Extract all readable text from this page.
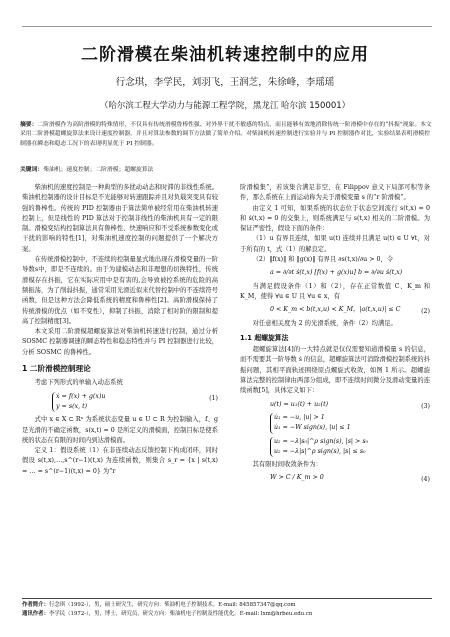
二阶滑模在柴油机转速控制中的应用
行念琪，李学民，刘羽飞，王润芝，朱徐峰，李瑶瑶
（哈尔滨工程大学动力与能源工程学院，黑龙江 哈尔滨 150001）
摘要：二阶滑模作为高阶滑模的特殊情形，不仅具有传统滑模鲁棒性强、对外界干扰不敏感的特点，而且能够有效地消除传统一阶滑模中存在的“抖振”现象。本文采用二阶滑模超螺旋算法来设计速度控制器，并且对算法参数的调节方法做了简单介绍。对柴油机转速控制进行实验并与 PI 控制器作对比，实验结果表明滑模控制器在瞬态和稳态工况下的表现明显优于 PI 控制器。
关键词：柴油机；速度控制；二阶滑模；超螺旋算法

柴油机的速度控制是一种典型的多扰动动态和时滞的非线性系统。柴油机控制器的设计目标是不光能够对转速跟踪并且对负载突变具有较强的鲁棒性。传统的 PID 控制器由于算法简单被经常用在柴油机转速控制上，但是线性的 PID 算法对于控制非线性的柴油机具有一定的限制。滑模变结构控制算法具有鲁棒性、快速响应和不受系统参数变化或干扰的影响的特性[1]，对柴油机速度控制的问题提供了一个解决方案。

在传统滑模控制中，不连续的控制量显式地出现在滑模变量的一阶导数s中，即是不连续的。由于为建模动态和非理想的切换特性，传统滑模存在抖振，它在实际应用中是有害的,会导致被控系统的危险的高频振荡，为了削弱抖振，通常采用光滑近似来代替控制中的不连续符号函数，但是这种方法会降低系统的精度和鲁棒性[2]。高阶滑模保持了传统滑模的优点（如不变性），抑制了抖振，消除了相对阶的限制和提高了控制精度[3]。

本文采用二阶滑模超螺旋算法对柴油机转速进行控制，通过分析 SOSMC 控制器调速的瞬态特性和稳态特性并与 PI 控制器进行比较，分析 SOSMC 的鲁棒性。

1 二阶滑模控制理论

考虑下列形式的单输入动态系统

ẋ = f(x) + g(x)u
y = s(x, t)
(1)

式中 x ∈ X ⊂ Rⁿ 为系统状态变量 u ∈ U ⊂ R 为控制输入，f、g 是光滑的不确定函数，s(x,t) = 0 是所定义的滑模面，控制目标是使系统的状态在有限的时间内到达滑模面。

定义 1：假设系统（1）在非连续动态反馈控制下构成闭环，同时假设 s(t,x),…,s^(r−1)(t,x) 为连续函数，则集合 s_r = {x | s(t,x) = … = s^(r−1)(t,x) = 0} 为“r

阶滑模集”，若该集合满足非空、在 Filippov 意义下局部可积等条件，那么系统在上面运动称为关于滑模变量 s 的“r 阶滑模”。

由定义 1 可知，如果系统的状态位于状态空间流行 s(t,x) = 0 和 ṡ(t,x) = 0 的交集上，则系统满足与 s(t,x) 相关的二阶滑模。为保证严密性，假设下面的条件：

（1）u 有界且连续，如果 u(t) 连续并且满足 u(t) ∈ U ∀t，对于所有的 t，式（1）的解良定。

（2）‖f(x)‖ 和 ‖g(x)‖ 有界且 ∂s(t,x)/∂u > 0，令

a = ∂/∂t ṡ(t,x) [f(x) + g(x)u] b = ∂/∂u ṡ(t,x)

当满足假设条件（1）和（2），存在正常数值 C、K_m 和 K_M，使得 ∀u ∈ U 且 ∀u ∈ x，有

0 < K_m < b(t,x,u) < K_M，|a(t,x,u)| ≤ C	(2)

对任意相关度为 2 的光滑系统，条件（2）均满足。

1.1 超螺旋算法

超螺旋算法[4]的一大特点就是仅仅需要知道滑模量 s 的信息，而不需要其一阶导数 ṡ 的信息，超螺旋算法可消除滑模控制系统的抖振问题，其相平面轨迹围绕原点螺旋式收敛，如图 1 所示。超螺旋算法完整的控制律由两部分组成，即不连续时间微分及滑动变量的连续函数[5]，具体定义如下：

u(t) = u₁(t) + u₂(t)	(3)
u̇₁ = −u, |u| > 1
u̇₁ = −W sign(s), |u| ≤ 1
u₂ = −λ|s₀|^ρ sign(s), |s| > s₀
u₂ = −λ|s|^ρ sign(s), |s| ≤ s₀

其有限时间收敛条件为：

W > C / K_m > 0	(4)
作者简介：行念琪（1992-），男，硕士研究生，研究方向：柴油机电子控制技术。E-mail: 845857347@qq.com
通讯作者：李学民（1972-），男，博士，研究员，研究方向：柴油机电子控制及性能优化。E-mail: lxm@hrbeu.edu.cn
